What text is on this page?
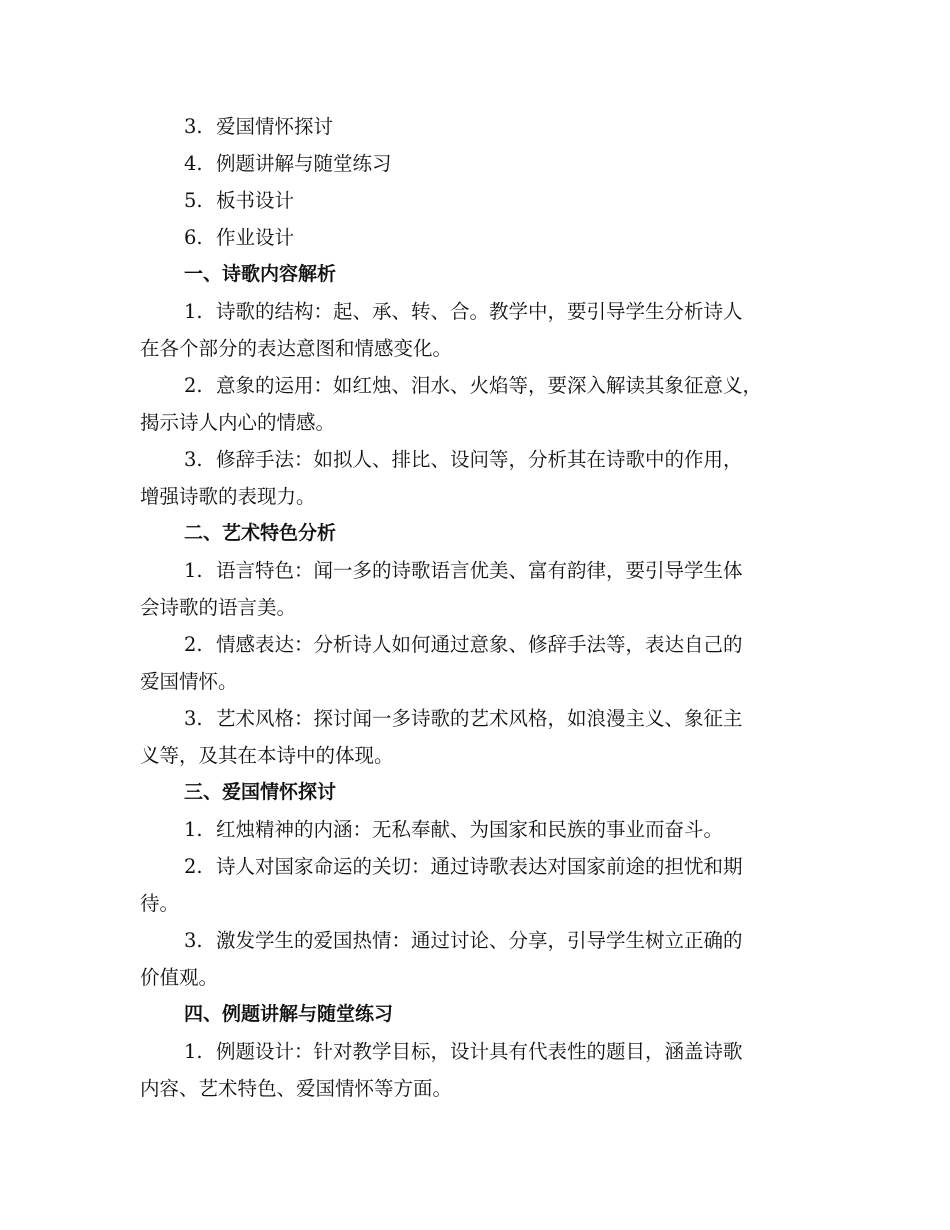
3. 爱国情怀探讨
4. 例题讲解与随堂练习
5. 板书设计
6. 作业设计
一、诗歌内容解析
1. 诗歌的结构：起、承、转、合。教学中，要引导学生分析诗人
在各个部分的表达意图和情感变化。
2. 意象的运用：如红烛、泪水、火焰等，要深入解读其象征意义，
揭示诗人内心的情感。
3. 修辞手法：如拟人、排比、设问等，分析其在诗歌中的作用，
增强诗歌的表现力。
二、艺术特色分析
1. 语言特色：闻一多的诗歌语言优美、富有韵律，要引导学生体
会诗歌的语言美。
2. 情感表达：分析诗人如何通过意象、修辞手法等，表达自己的
爱国情怀。
3. 艺术风格：探讨闻一多诗歌的艺术风格，如浪漫主义、象征主
义等，及其在本诗中的体现。
三、爱国情怀探讨
1. 红烛精神的内涵：无私奉献、为国家和民族的事业而奋斗。
2. 诗人对国家命运的关切：通过诗歌表达对国家前途的担忧和期
待。
3. 激发学生的爱国热情：通过讨论、分享，引导学生树立正确的
价值观。
四、例题讲解与随堂练习
1. 例题设计：针对教学目标，设计具有代表性的题目，涵盖诗歌
内容、艺术特色、爱国情怀等方面。
